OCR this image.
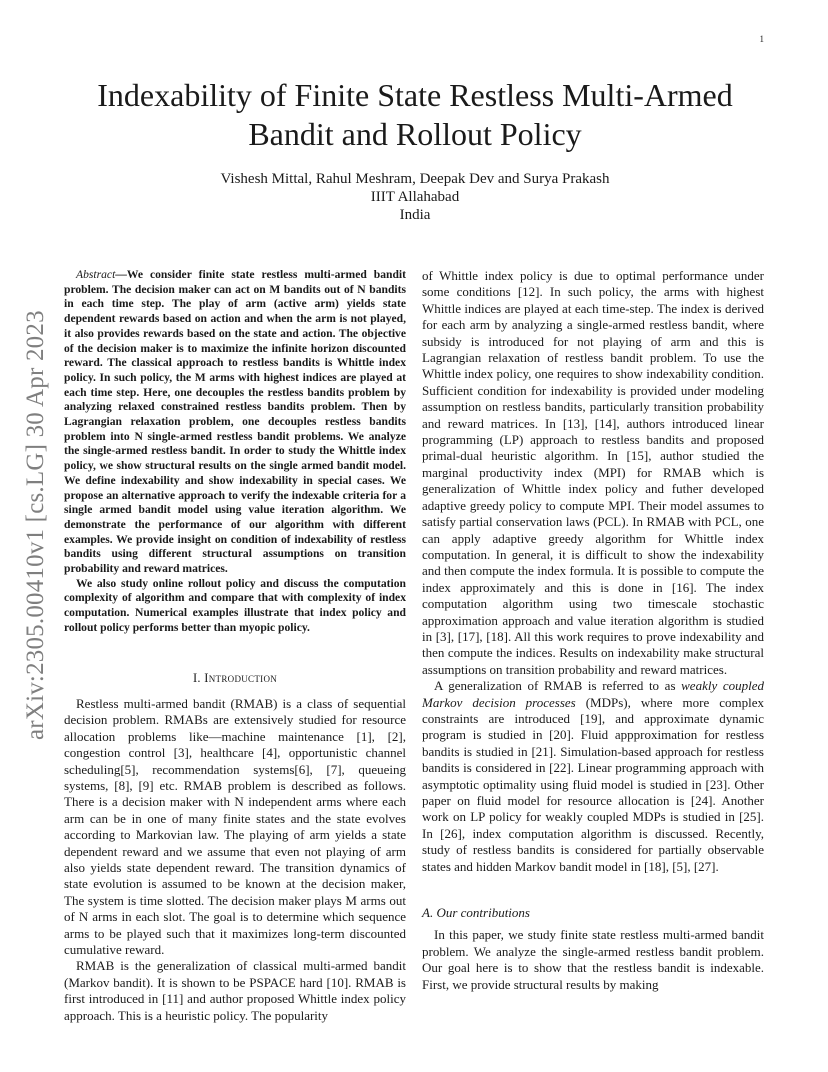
1
arXiv:2305.00410v1 [cs.LG] 30 Apr 2023
Indexability of Finite State Restless Multi-Armed
Bandit and Rollout Policy
Vishesh Mittal, Rahul Meshram, Deepak Dev and Surya Prakash
IIIT Allahabad
India

Abstract—We consider finite state restless multi-armed bandit problem. The decision maker can act on M bandits out of N bandits in each time step. The play of arm (active arm) yields state dependent rewards based on action and when the arm is not played, it also provides rewards based on the state and action. The objective of the decision maker is to maximize the infinite horizon discounted reward. The classical approach to restless bandits is Whittle index policy. In such policy, the M arms with highest indices are played at each time step. Here, one decouples the restless bandits problem by analyzing relaxed constrained restless bandits problem. Then by Lagrangian relaxation problem, one decouples restless bandits problem into N single-armed restless bandit problems. We analyze the single-armed restless bandit. In order to study the Whittle index policy, we show structural results on the single armed bandit model. We define indexability and show indexability in special cases. We propose an alternative approach to verify the indexable criteria for a single armed bandit model using value iteration algorithm. We demonstrate the performance of our algorithm with different examples. We provide insight on condition of indexability of restless bandits using different structural assumptions on transition probability and reward matrices.

We also study online rollout policy and discuss the computation complexity of algorithm and compare that with complexity of index computation. Numerical examples illustrate that index policy and rollout policy performs better than myopic policy.

I. Introduction

Restless multi-armed bandit (RMAB) is a class of sequential decision problem. RMABs are extensively studied for resource allocation problems like—machine maintenance [1], [2], congestion control [3], healthcare [4], opportunistic channel scheduling[5], recommendation systems[6], [7], queueing systems, [8], [9] etc. RMAB problem is described as follows. There is a decision maker with N independent arms where each arm can be in one of many finite states and the state evolves according to Markovian law. The playing of arm yields a state dependent reward and we assume that even not playing of arm also yields state dependent reward. The transition dynamics of state evolution is assumed to be known at the decision maker, The system is time slotted. The decision maker plays M arms out of N arms in each slot. The goal is to determine which sequence arms to be played such that it maximizes long-term discounted cumulative reward.

RMAB is the generalization of classical multi-armed bandit (Markov bandit). It is shown to be PSPACE hard [10]. RMAB is first introduced in [11] and author proposed Whittle index policy approach. This is a heuristic policy. The popularity

of Whittle index policy is due to optimal performance under some conditions [12]. In such policy, the arms with highest Whittle indices are played at each time-step. The index is derived for each arm by analyzing a single-armed restless bandit, where subsidy is introduced for not playing of arm and this is Lagrangian relaxation of restless bandit problem. To use the Whittle index policy, one requires to show indexability condition. Sufficient condition for indexability is provided under modeling assumption on restless bandits, particularly transition probability and reward matrices. In [13], [14], authors introduced linear programming (LP) approach to restless bandits and proposed primal-dual heuristic algorithm. In [15], author studied the marginal productivity index (MPI) for RMAB which is generalization of Whittle index policy and futher developed adaptive greedy policy to compute MPI. Their model assumes to satisfy partial conservation laws (PCL). In RMAB with PCL, one can apply adaptive greedy algorithm for Whittle index computation. In general, it is difficult to show the indexability and then compute the index formula. It is possible to compute the index approximately and this is done in [16]. The index computation algorithm using two timescale stochastic approximation approach and value iteration algorithm is studied in [3], [17], [18]. All this work requires to prove indexability and then compute the indices. Results on indexability make structural assumptions on transition probability and reward matrices.

A generalization of RMAB is referred to as weakly coupled Markov decision processes (MDPs), where more complex constraints are introduced [19], and approximate dynamic program is studied in [20]. Fluid appproximation for restless bandits is studied in [21]. Simulation-based approach for restless bandits is considered in [22]. Linear programming approach with asymptotic optimality using fluid model is studied in [23]. Other paper on fluid model for resource allocation is [24]. Another work on LP policy for weakly coupled MDPs is studied in [25]. In [26], index computation algorithm is discussed. Recently, study of restless bandits is considered for partially observable states and hidden Markov bandit model in [18], [5], [27].

A. Our contributions

In this paper, we study finite state restless multi-armed bandit problem. We analyze the single-armed restless bandit problem. Our goal here is to show that the restless bandit is indexable. First, we provide structural results by making
